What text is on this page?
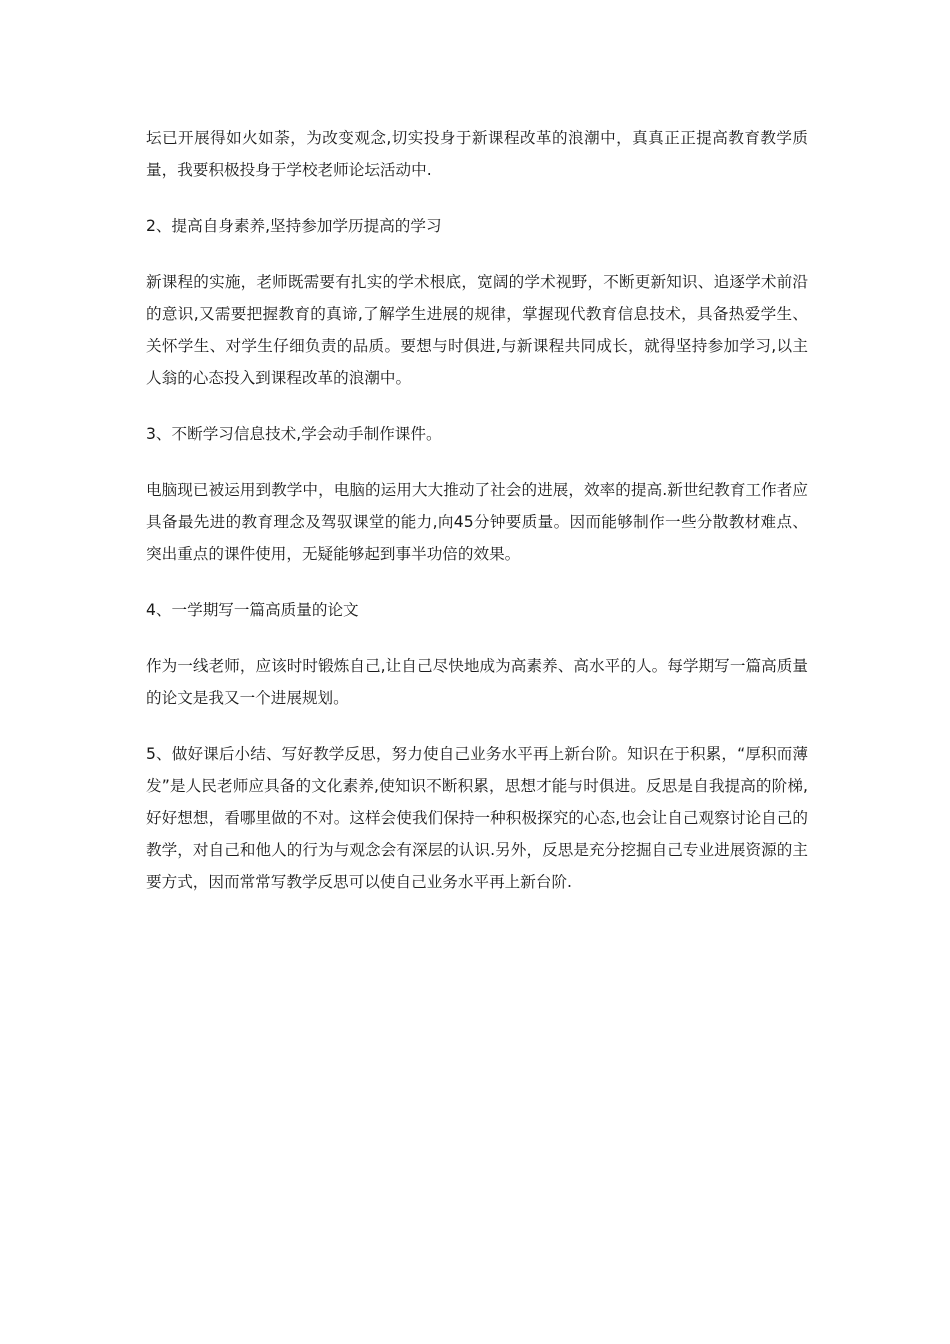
坛已开展得如火如荼，为改变观念,切实投身于新课程改革的浪潮中，真真正正提高教育教学质量，我要积极投身于学校老师论坛活动中.

2、提高自身素养,坚持参加学历提高的学习

新课程的实施，老师既需要有扎实的学术根底，宽阔的学术视野，不断更新知识、追逐学术前沿的意识,又需要把握教育的真谛,了解学生进展的规律，掌握现代教育信息技术，具备热爱学生、关怀学生、对学生仔细负责的品质。要想与时俱进,与新课程共同成长，就得坚持参加学习,以主人翁的心态投入到课程改革的浪潮中。

3、不断学习信息技术,学会动手制作课件。

电脑现已被运用到教学中，电脑的运用大大推动了社会的进展，效率的提高.新世纪教育工作者应具备最先进的教育理念及驾驭课堂的能力,向45分钟要质量。因而能够制作一些分散教材难点、突出重点的课件使用，无疑能够起到事半功倍的效果。

4、一学期写一篇高质量的论文

作为一线老师，应该时时锻炼自己,让自己尽快地成为高素养、高水平的人。每学期写一篇高质量的论文是我又一个进展规划。

5、做好课后小结、写好教学反思，努力使自己业务水平再上新台阶。知识在于积累，“厚积而薄发”是人民老师应具备的文化素养,使知识不断积累，思想才能与时俱进。反思是自我提高的阶梯,好好想想，看哪里做的不对。这样会使我们保持一种积极探究的心态,也会让自己观察讨论自己的教学，对自己和他人的行为与观念会有深层的认识.另外，反思是充分挖掘自己专业进展资源的主要方式，因而常常写教学反思可以使自己业务水平再上新台阶.
